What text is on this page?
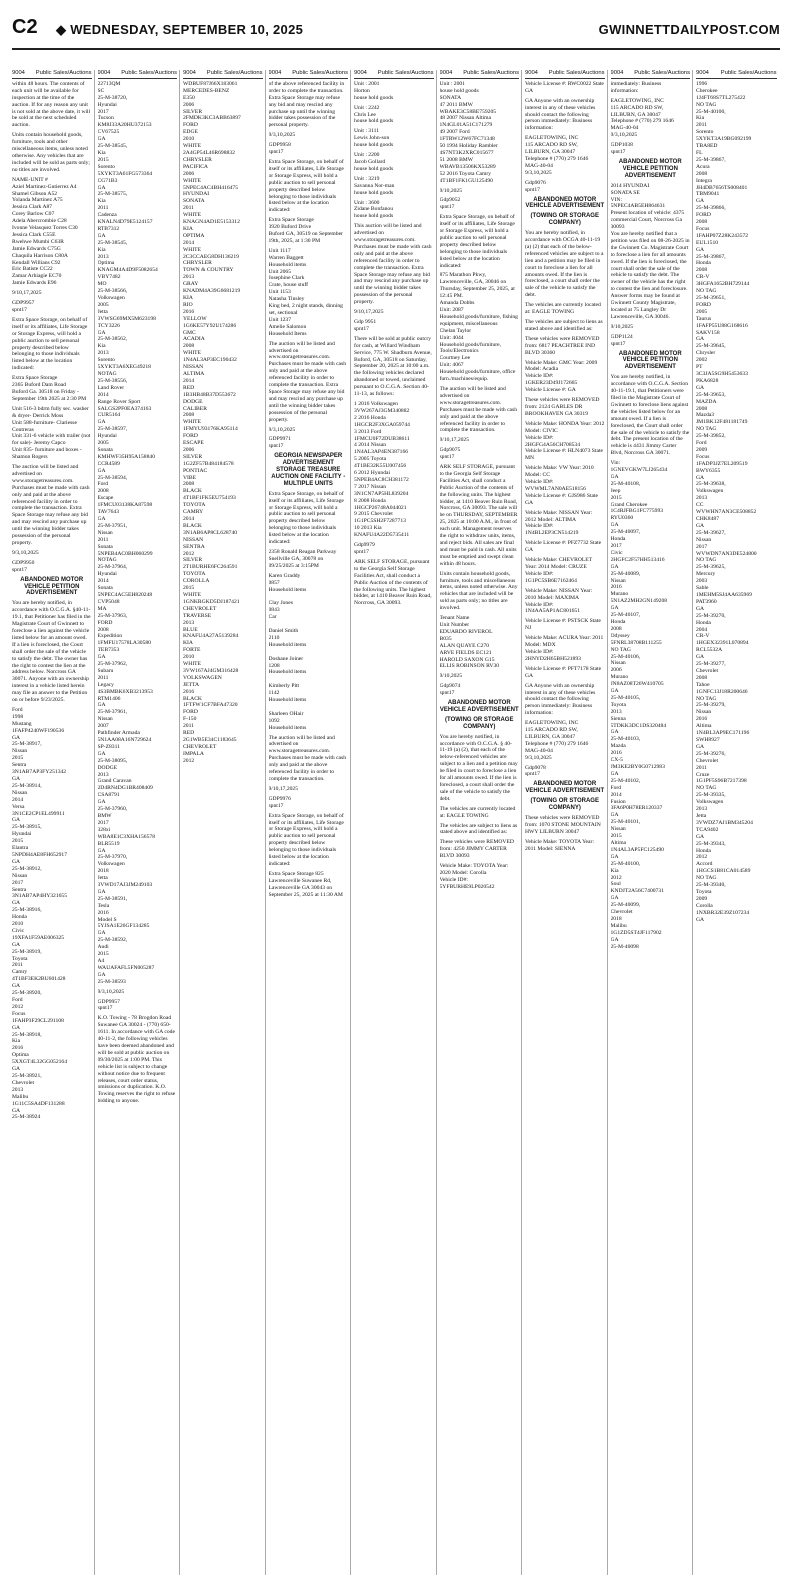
C2 ◆ WEDNESDAY, SEPTEMBER 10, 2025	GWINNETTDAILYPOST.COM
9004 Public Sales/Auctions

within 48 hours. The contents of each unit will be available for inspection at the time of the auction. If for any reason any unit is not sold at the above date, it will be sold at the next scheduled auction.

Units contain household goods, furniture, tools and other miscellaneous items, unless noted otherwise. Any vehicles that are included will be sold as parts only; no titles are involved.

NAME-UNIT #
Aziel Martinez-Gutierrez A4
Shamel Gibson A52
Yolanda Martinez A75
Jessica Clark A87
Corey Barlow C07
Adela Abercrombie C28
Ivonne Velasquez Torres C30
Jessica Clark C55E
Rwehwe Mumbi C63R
Jamie Edwards C75G
Chaquila Harrison C80A
Kendall Willians C92
Eric Batiste CC22
Zamar Arhiagie EC70
Jamie Edwards E96

9/10,17,2025

GDP9957
spnt17

Extra Space Storage, on behalf of itself or its affiliates, Life Storage or Storage Express, will hold a public auction to sell personal property described below belonging to those individuals listed below at the location indicated:

Extra Space Storage
2365 Buford Dam Road
Buford Ga. 30518 on Friday - September 19th 2025 at 2:30 PM

Unit 516-3 bdrm fully sec. washer & dryer- Derrick Moss
Unit 588-furniture- Clariesse Contreras
Unit 331-6 vehicle with trailer (not for sale)- Jeremy Capco
Unit 835- furniture and boxes - Shamon Rogers

The auction will be listed and advertised on www.storagetreasures.com. Purchases must be made with cash only and paid at the above referenced facility in order to complete the transaction. Extra Space Storage may refuse any bid and may rescind any purchase up until the winning bidder takes possession of the personal property.

9/3,10,2025

GDP9950
spnt17

ABANDONED MOTOR VEHICLE PETITION ADVERTISEMENT

You are hereby notified, in accordance with O.C.G.A. §40-11-19.1, that Petitioner has filed in the Magistrate Court of Gwinnett to foreclose a lien against the vehicle listed below for an amount owed. If a lien is foreclosed, the Court shall order the sale of the vehicle to satisfy the debt. The owner has the right to contest the lien at the address below. Norcross GA 30071. Anyone with an ownership interest in a vehicle listed herein may file an answer to the Petition on or before 9/23/2025.

Ford
1998
Mustang
1FAFP4240WF190536
GA
25-M-38917,
Nissan
2015
Sentra
3N1AB7AP3FY251342
GA
25-M-38914,
Nissan
2014
Versa
3N1CE2CP1EL499911
GA
25-M-38915,
Hyundai
2015
Elantra
5NPDH4AE8FH652917
GA
25-M-38912,
Nissan
2017
Sentra
3N1AB7AP4HY321655
GA
25-M-38916,
Honda
2010
Civic
19XFA1F59AE006325
GA
25-M-38919,
Toyota
2011
Camry
4T1BF3EK2BU601428
GA
25-M-38920,
Ford
2012
Focus
1FAHP3F29CL291108
GA
25-M-38918,
Kia
2016
Optima
5XXGT4L32GG052164
GA
25-M-38921,
Chevrolet
2013
Malibu
1G11C5SA4DF131288
GA
25-M-38924

9004 Public Sales/Auctions

22713QM
SC
25-M-38720,
Hyundai
2017
Tucson
KM8J33A20HU372153
CV67525
GA
25-M-38545,
Kia
2015
Sorento
5XYKT3A61FG573364
CG71B3
GA
25-M-38575,
Kia
2011
Cadenza
KNALN4D79E5124157
RTB7312
GA
25-M-38545,
Kia
2013
Optima
KNAGM4A4D9F5082654
VBY7482
MO
25-M-38566,
Volkswagen
2005
Jetta
3VWSG69MX5M623198
TCY3226
GA
25-M-38562,
Kia
2013
Sorento
5XYKT3A6XEG49218
NOTAG
25-M-38556,
Land Rover
2014
Range Rover Sport
SALGS2PF0EA374163
CUR5164
GA
25-M-38597,
Hyundai
2005
Sonata
KMHWF35H95A158840
CCR4589
GA
25-M-38594,
Ford
2008
Escape
1FMCU03138KA87598
TAV7643
GA
25-M-37951,
Nissan
2011
Sonata
5NPEB4AC0BH060299
NOTAG
25-M-37964,
Hyundai
2014
Sonata
5NPEC4AC5EH820248
CVP5048
MA
25-M-37963,
FORD
2008
Expedition
1FMFU17578LA30580
TEB7353
GA
25-M-37962,
Subaru
2011
Legacy
4S3BMBK6XB3213953
RTM1406
GA
25-M-37961,
Nissan
2007
Pathfinder Armada
5N1AA08A16N729624
SP-Z8311
GA
25-M-38095,
DODGE
2013
Grand Caravan
2D4RN4DG1BR408409
CSA8791
GA
25-M-37960,
BMW
2017
328xi
WBA8E1C3XHA156578
BLR5519
GA
25-M-37970,
Volkswagen
2018
Jetta
3VWD17AJ3JM249103
GA
25-M-38591,
Tesla
2016
Model S
5YJSA1E26GF134285
GA
25-M-38592,
Audi
2015
A4
WAUAFAFL5FN005287
GA
25-M-38593

9/3,10,2025

GDP9957
spnt17

K.O. Towing - 78 Brogdon Road Suwanee GA 30024 - (770) 650-1611. In accordance with GA code 40-11-2, the following vehicles have been deemed abandoned and will be sold at public auction on 09/30/2025 at 1:00 PM. This vehicle list is subject to change without notice due to frequent releases, court order status, omissions or duplication. K.O. Towing reserves the right to refuse bidding to anyone.

9004 Public Sales/Auctions

WDBUF87J66X183061
MERCEDES-BENZ
E350
2006
SILVER
2FMDK3KC3ABB63897
FORD
EDGE
2010
WHITE
2A4GP54L46R698832
CHRYSLER
PACIFICA
2006
WHITE
5NPEC4AC4BH416475
HYUNDAI
SONATA
2011
WHITE
KNAGN4AD1E5153312
KIA
OPTIMA
2014
WHITE
2C3CCAEG8DH136219
CHRYSLER
TOWN & COUNTRY
2013
GRAY
KNADM4A39G6681219
KIA
RIO
2016
YELLOW
1G6KE57Y92U174286
GMC
ACADIA
2008
WHITE
1N4AL3AP3EC190432
NISSAN
ALTIMA
2014
RED
1B3HB48B37D553672
DODGE
CALIBER
2008
WHITE
1FMYU93176KA95114
FORD
ESCAPE
2006
SILVER
1G2ZF57B484184578
PONTIAC
VIBE
2008
BLACK
4T1BF1FK5EU754193
TOYOTA
CAMRY
2014
BLACK
3N1AB6AP8CL628740
NISSAN
SENTRA
2012
SILVER
2T1BURHE6FC264591
TOYOTA
COROLLA
2015
WHITE
1GNKRGKD5DJ187421
CHEVROLET
TRAVERSE
2013
BLUE
KNAFU4A27A5139284
KIA
FORTE
2010
WHITE
3VW167AJ4GM316428
VOLKSWAGEN
JETTA
2016
BLACK
1FTFW1CF7BFA47320
FORD
F-150
2011
RED
2G1WB5E34C1183645
CHEVROLET
IMPALA
2012

9004 Public Sales/Auctions

of the above referenced facility in order to complete the transaction. Extra Space Storage may refuse any bid and may rescind any purchase up until the winning bidder takes possession of the personal property.

9/3,10,2025

GDP9958
spnt17

Extra Space Storage, on behalf of itself or its affiliates, Life Storage or Storage Express, will hold a public auction to sell personal property described below belonging to those individuals listed below at the location indicated:

Extra Space Storage
3920 Buford Drive
Buford GA, 30519 on September 19th, 2025, at 1:30 PM

Unit 1117
Warren Baggett
Household items
Unit 2065
Josephine Clark
Crate, house stuff
Unit 1153
Natasha Tinsley
King bed, 2 night stands, dinning set, sectional
Unit 1237
Amelie Salomon
Household Items

The auction will be listed and advertised on www.storagetreasures.com. Purchases must be made with cash only and paid at the above referenced facility in order to complete the transaction. Extra Space Storage may refuse any bid and may rescind any purchase up until the winning bidder takes possession of the personal property.

9/3,10,2025

GDP9971
spnt17

GEORGIA NEWSPAPER ADVERTISEMENT STORAGE TREASURE AUCTION ONE FACILITY - MULTIPLE UNITS

Extra Space Storage, on behalf of itself or its affiliates, Life Storage or Storage Express, will hold a public auction to sell personal property described below belonging to those individuals listed below at the location indicated:

2358 Ronald Reagan Parkway Snellville GA, 30078 on 09/25/2025 at 3:15PM

Karen Graddy
0857
Household items

Clay Jones
0843
Car

Daniel Smith
2110
Household items

Doshane Joiner
1208
Household items

Kimberly Pitt
1142
Household items

Sharleen OHair
1092
Household items

The auction will be listed and advertised on www.storagetreasures.com. Purchases must be made with cash only and paid at the above referenced facility in order to complete the transaction.

9/10,17,2025

GDP9976
spnt17

Extra Space Storage, on behalf of itself or its affiliates, Life Storage or Storage Express, will hold a public auction to sell personal property described below belonging to those individuals listed below at the location indicated:

Extra Space Storage 825 Lawrenceville Suwanee Rd, Lawrenceville GA 30043 on September 25, 2025 at 11:30 AM

9004 Public Sales/Auctions

Unit : 2001
Horton
house hold goods

Unit : 2242
Chris Lee
house hold goods

Unit : 3111
Lewis John-son
house hold goods

Unit : 2200
Jacob Gollard
house hold goods

Unit : 3219
Savanna Nor-man
house hold goods

Unit : 3600
Zidane Bonfanou
house hold goods

This auction will be listed and advertised on www.storagetreasures.com. Purchases must be made with cash only and paid at the above referenced facility in order to complete the transaction. Extra Space Storage may refuse any bid and may rescind any purchase up until the winning bidder takes possession of the personal property.

9/10,17,2025

Gdp 9951
spnt17

There will be sold at public outcry for cash, at Willard Windham Service, 775 W. Shadburn Avenue, Buford, GA, 30518 on Saturday, September 20, 2025 at 10:00 a.m. the following vehicles declared abandoned or towed, unclaimed pursuant to O.C.G.A. Section 40-11-13, as follows:

1 2016 Volkswagen
3VW267AJ3GM340882
2 2016 Honda
1HGCR2F3XGA059744
3 2013 Ford
1FMCU0F72DUB38611
4 2014 Nissan
1N4AL3AP4EN387166
5 2005 Toyota
4T1BE32K55U007456
6 2012 Hyundai
5NPEB4AC8CH381172
7 2017 Nissan
3N1CN7AP5HL839204
8 2008 Honda
1HGCP26748A044021
9 2015 Chevrolet
1G1PC5SH2F7287713
10 2013 Kia
KNAFU4A22D5735411

Gdp9979
spnt17

ARK SELF STORAGE, pursuant to the Georgia Self Storage Facilities Act, shall conduct a Public Auction of the contents of the following units. The highest bidder, at 1410 Beaver Ruin Road, Norcross, GA 30093.

9004 Public Sales/Auctions

Unit : 2001
house hold goods
SONATA
47 2011 BMW
WBAKE3C58BE759205
48 2007 Nissan Altima
1N4GL01A51C171279
49 2007 Ford
1FTRW12W67FC71348
50 1994 Holiday Rambler
4S7NT3K2XRC015677
51 2008 BMW
WBAVB13506KX53289
52 2016 Toyota Camry
4T1BF1FK1GU125490

9/10,2025

Gdp9052
spnt17

Extra Space Storage, on behalf of itself or its affiliates, Life Storage or Storage Express, will hold a public auction to sell personal property described below belonging to those individuals listed below at the location indicated:

875 Marathon Pkwy, Lawrenceville, GA, 30046 on Thursday, September 25, 2025, at 12:45 PM.
Amanda Dobbs
Unit: 2087
Household goods/furniture, fishing equipment, miscellaneous
Chelan Taylor
Unit: 4044
Household goods/furniture, Tools/Electronics
Courtney Lee
Unit: 4067
Household goods/furniture, office furn./machines/equip.

The auction will be listed and advertised on www.storagetreasures.com. Purchases must be made with cash only and paid at the above referenced facility in order to complete the transaction.

9/10,17,2025

Gdp9075
spnt17

ARK SELF STORAGE, pursuant to the Georgia Self Storage Facilities Act, shall conduct a Public Auction of the contents of the following units. The highest bidder, at 1410 Beaver Ruin Road, Norcross, GA 30093. The sale will be on THURSDAY, SEPTEMBER 25, 2025 at 10:00 A.M., in front of each unit. Management reserves the right to withdraw units, items, and reject bids. All sales are final and must be paid in cash. All units must be emptied and swept clean within 48 hours.

Units contain household goods, furniture, tools and miscellaneous items, unless noted otherwise. Any vehicles that are included will be sold as parts only; no titles are involved.

Tenant Name
Unit Number
EDUARDO RIVEROL
B035
ALAN QUAYE C270
ARVE FIELDS EC121
HAROLD SAXON G15
ELLIS ROBINSON RV30

9/10,2025

Gdp9074
spnt17

ABANDONED MOTOR VEHICLE ADVERTISEMENT

(TOWING OR STORAGE COMPANY)

You are hereby notified, in accordance with O.C.G.A. § 40-11-19 (a) (2), that each of the below-referenced vehicles are subject to a lien and a petition may be filed in court to foreclose a lien for all amounts owed. If the lien is foreclosed, a court shall order the sale of the vehicle to satisfy the debt.

The vehicles are currently located at: EAGLE TOWING

The vehicles are subject to liens as stated above and identified as:

These vehicles were REMOVED from: 4250 JIMMY CARTER BLVD 30093

Vehicle Make: TOYOTA Year: 2020 Model: Corolla
Vehicle ID#: 5YFBURHE9LP020542

9004 Public Sales/Auctions

Vehicle License #: RWC0022 State GA

GA Anyone with an ownership interest in any of these vehicles should contact the following person immediately: Business information:

EAGLETOWING, INC
115 ARCADO RD SW,
LILBURN, GA 30047
Telephone # (770) 279 1646
MAG-40-04
9/3,10,2025

Gdp9076
spnt17

ABANDONED MOTOR VEHICLE ADVERTISEMENT

(TOWING OR STORAGE COMPANY)

You are hereby notified, in accordance with OCGA 40-11-19 (a) (2) that each of the below-referenced vehicles are subject to a lien and a petition may be filed in court to foreclose a lien for all amounts owed. If the lien is foreclosed, a court shall order the sale of the vehicle to satisfy the debt.

The vehicles are currently located at: EAGLE TOWING

The vehicles are subject to liens as stated above and identified as:

These vehicles were REMOVED from: 6817 PEACHTREE IND BLVD 30360

Vehicle Make: GMC Year: 2009 Model: Acadia
Vehicle ID#: 1GKER23D49J172665
Vehicle License #: GA

These vehicles were REMOVED from: 2124 GABLES DR BROOKHAVEN GA 30319

Vehicle Make: HONDA Year: 2012 Model: CIVIC
Vehicle ID#: 2HGFG4A56CH708534
Vehicle License #: HLN4073 State MN

Vehicle Make: VW Year: 2010 Model: CC
Vehicle ID#: WVWML7AN0AE518156
Vehicle License #: GJS986 State GA

Vehicle Make: NISSAN Year: 2012 Model: ALTIMA
Vehicle ID#: 1N4BL2EP3CN514219

Vehicle License #: PFZ7732 State GA

Vehicle Make: CHEVROLET Year: 2014 Model: CRUZE
Vehicle ID#: 1G1PC5SB6E7162464

Vehicle Make: NISSAN Year: 2010 Model: MAXIMA
Vehicle ID#: 1N4AA5AP1AC801651

Vehicle License #: PSTSCK State NJ

Vehicle Make: ACURA Year: 2011 Model: MDX
Vehicle ID#: 2HNYD2H65BH521893

Vehicle License #: PFT7178 State GA

GA Anyone with an ownership interest in any of these vehicles should contact the following person immediately: Business information:

EAGLETOWING, INC
115 ARCADO RD SW,
LILBURN, GA 30047
Telephone # (770) 279 1646
MAG-40-04
9/3,10,2025

Gdp9078
spnt17

ABANDONED MOTOR VEHICLE ADVERTISEMENT

(TOWING OR STORAGE COMPANY)

These vehicles were REMOVED from: 1070 STONE MOUNTAIN HWY LILBURN 30047

Vehicle Make: TOYOTA Year: 2011 Model: SIENNA

9004 Public Sales/Auctions

immediately: Business information:

EAGLETOWING, INC
115 ARCADO RD SW,
LILBURN, GA 30047
Telephone # (770) 279 1646
MAG-40-04
9/3,10,2025

GDP1038
spnt17

ABANDONED MOTOR VEHICLE PETITION ADVERTISEMENT

2014 HYUNDAI
SONATA SE
VIN:
5NPEC4AB5EH864631
Present location of vehicle: 4375 commercial Court, Norcross Ga 30093
You are hereby notified that a petition was filed on 08-26-2025 in the Gwinnett Co. Magistrate Court to foreclose a lien for all amounts owed. If the lien is foreclosed, the court shall order the sale of the vehicle to satisfy the debt. The owner of the vehicle has the right to contest the lien and foreclosure. Answer forms may be found at Gwinnett County Magistrate, located at 75 Langley Dr Lawrenceville, GA 30046.

9/10,2025

GDP1124
spnt17

ABANDONED MOTOR VEHICLE PETITION ADVERTISEMENT

You are hereby notified, in accordance with O.C.G.A. Section 40-11-19.1, that Petitioners were filed in the Magistrate Court of Gwinnett to foreclose liens against the vehicles listed below for an amount owed. If a lien is foreclosed, the Court shall order the sale of the vehicle to satisfy the debt. The present location of the vehicle is 4431 Jimmy Carter Blvd, Norcross GA 30071.

Vin:
1GNEVGKW7LJ265434
GA
25-M-40108,
Jeep
2015
Grand Cherokee
1C4RJFBG1FC775993
RYU0360
GA
25-M-40097,
Honda
2017
Civic
2HGFC2F57HH513416
GA
25-M-40089,
Nissan
2016
Murano
5N1AZ2MH2GN149208
GA
25-M-40107,
Honda
2008
Odyssey
5FNRL38708B111255
NO TAG
25-M-40106,
Nissan
2006
Murano
JN8AZ08T26W410705
GA
25-M-40105,
Toyota
2013
Sienna
5TDKK3DC1DS320484
GA
25-M-40103,
Mazda
2016
CX-5
JM3KE2BY0G0712983
GA
25-M-40102,
Ford
2014
Fusion
3FA6P0H78ER120337
GA
25-M-40101,
Nissan
2015
Altima
1N4AL3AP5FC125490
GA
25-M-40100,
Kia
2012
Soul
KNDJT2A56C7400731
GA
25-M-40099,
Chevrolet
2018
Malibu
1G1ZD5ST4JF117902
GA
25-M-40098

9004 Public Sales/Auctions

1996
Cherokee
1J4FT68S7TL275422
NO TAG
25-M-40100,
Kia
2011
Sorento
5XYKT3A19BG092199
TBA8ED
FL
25-M-39867,
Acura
2008
Integra
JH4DB7656TS008401
TBM9041
GA
25-M-39866,
FORD
2008
Focus
1FAHP07Z28K243572
EUL1510
GA
25-M-39867,
Honda
2008
CR-V
3HGFA1652BH729144
NO TAG
25-M-39651,
FORD
2005
Taurus
1FAFP55U88G168616
SAKV158
GA
25-M-39645,
Chrysler
2002
PT
3C3JA5SG9H5453633
PKA6828
GA
25-M-39653,
MAZDA
2008
Mazda3
JM1BK12F481181749
NO TAG
25-M-39852,
Ford
2009
Focus
1FADP3JZ7EL209519
BWY6355
GA
25-M-39638,
Volkswagen
2013
CC
WVWHN7AN3CE508852
CHK8487
GA
25-M-39627,
Nissan
2017
WVWDN7AN3DE524800
NO TAG
25-M-39625,
Mercury
2003
Sable
1MEHM5SJ4AA635969
PAT3960
GA
25-M-39270,
Honda
2004
CR-V
1HGEX32391L070894
RCL5532A
GA
25-M-39277,
Chevrolet
2008
Tahoe
1GNFC13J18R200646
NO TAG
25-M-39279,
Nissan
2016
Altima
1N4BL3AP9EC171196
SWH8927
GA
25-M-39276,
Chevrolet
2011
Cruze
1G1PF5S96B7217398
NO TAG
25-M-39335,
Volkswagen
2013
Jetta
3VWDZ7AJ1BM345204
TCA9402
GA
25-M-39343,
Honda
2012
Accord
1HGCS1B81CA014589
NO TAG
25-M-39340,
Toyota
2009
Corolla
1NXBR32E39Z107234
GA
